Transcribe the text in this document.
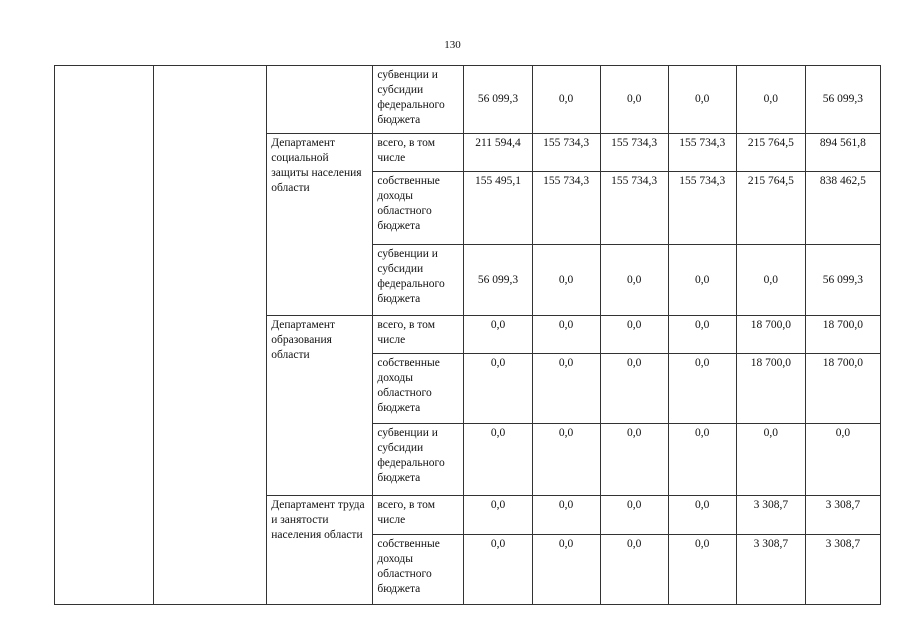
130
			субвенции и субсидии федерального бюджета	56 099,3	0,0	0,0	0,0	0,0	56 099,3
		Департамент социальной защиты населения области	всего, в том числе	211 594,4	155 734,3	155 734,3	155 734,3	215 764,5	894 561,8
			собственные доходы областного бюджета	155 495,1	155 734,3	155 734,3	155 734,3	215 764,5	838 462,5
			субвенции и субсидии федерального бюджета	56 099,3	0,0	0,0	0,0	0,0	56 099,3
		Департамент образования области	всего, в том числе	0,0	0,0	0,0	0,0	18 700,0	18 700,0
			собственные доходы областного бюджета	0,0	0,0	0,0	0,0	18 700,0	18 700,0
			субвенции и субсидии федерального бюджета	0,0	0,0	0,0	0,0	0,0	0,0
		Департамент труда и занятости населения области	всего, в том числе	0,0	0,0	0,0	0,0	3 308,7	3 308,7
			собственные доходы областного бюджета	0,0	0,0	0,0	0,0	3 308,7	3 308,7
